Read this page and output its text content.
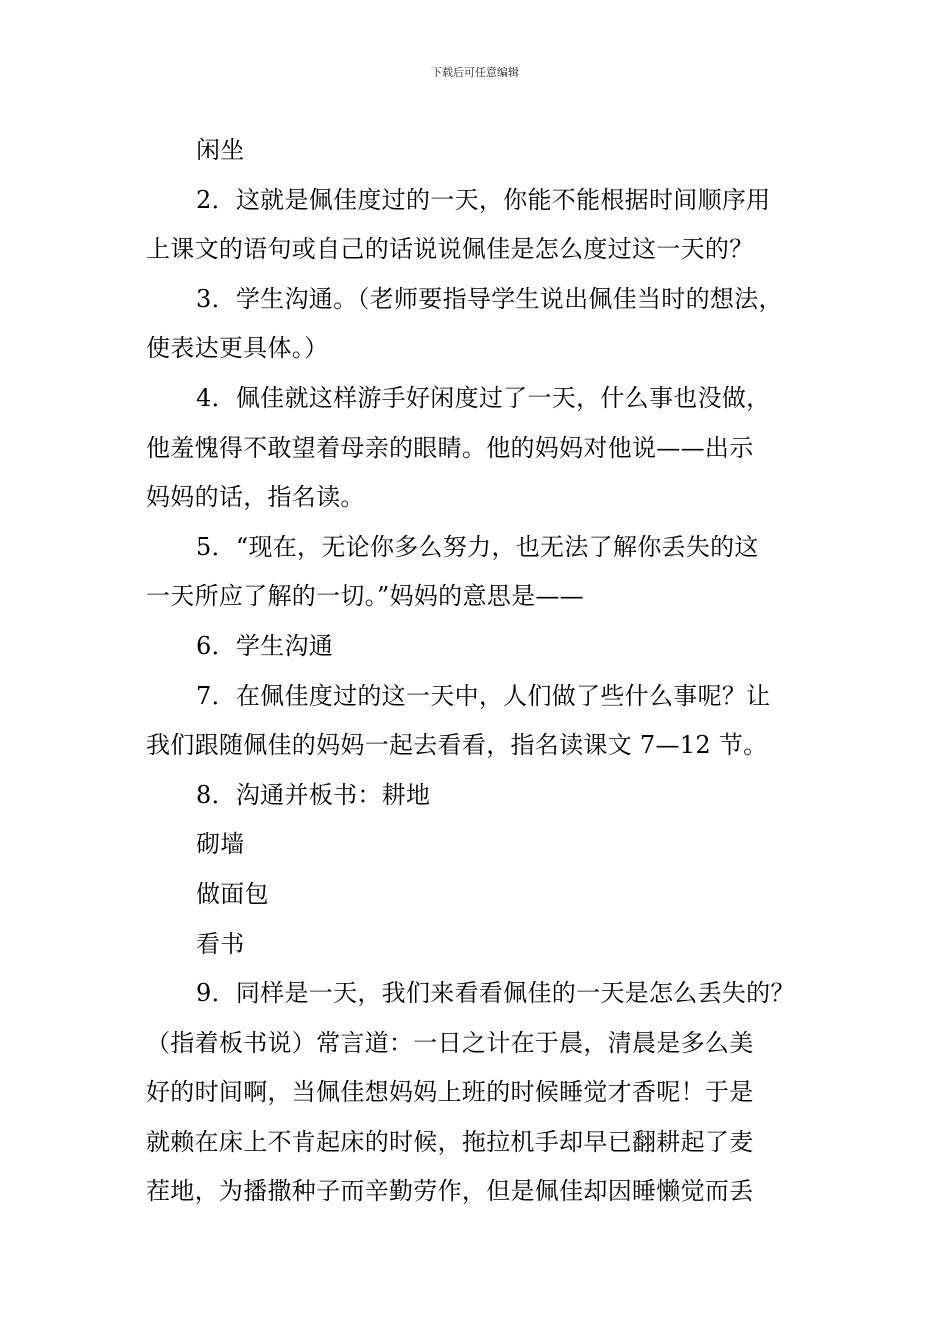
下载后可任意编辑
闲坐
2．这就是佩佳度过的一天，你能不能根据时间顺序用
上课文的语句或自己的话说说佩佳是怎么度过这一天的？
3．学生沟通。（老师要指导学生说出佩佳当时的想法，
使表达更具体。）
4．佩佳就这样游手好闲度过了一天，什么事也没做，
他羞愧得不敢望着母亲的眼睛。他的妈妈对他说——出示
妈妈的话，指名读。
5．“现在，无论你多么努力，也无法了解你丢失的这
一天所应了解的一切。”妈妈的意思是——
6．学生沟通
7．在佩佳度过的这一天中，人们做了些什么事呢？让
我们跟随佩佳的妈妈一起去看看，指名读课文 7—12 节。
8．沟通并板书：耕地
砌墙
做面包
看书
9．同样是一天，我们来看看佩佳的一天是怎么丢失的？
（指着板书说）常言道：一日之计在于晨，清晨是多么美
好的时间啊，当佩佳想妈妈上班的时候睡觉才香呢！于是
就赖在床上不肯起床的时候，拖拉机手却早已翻耕起了麦
茬地，为播撒种子而辛勤劳作，但是佩佳却因睡懒觉而丢
